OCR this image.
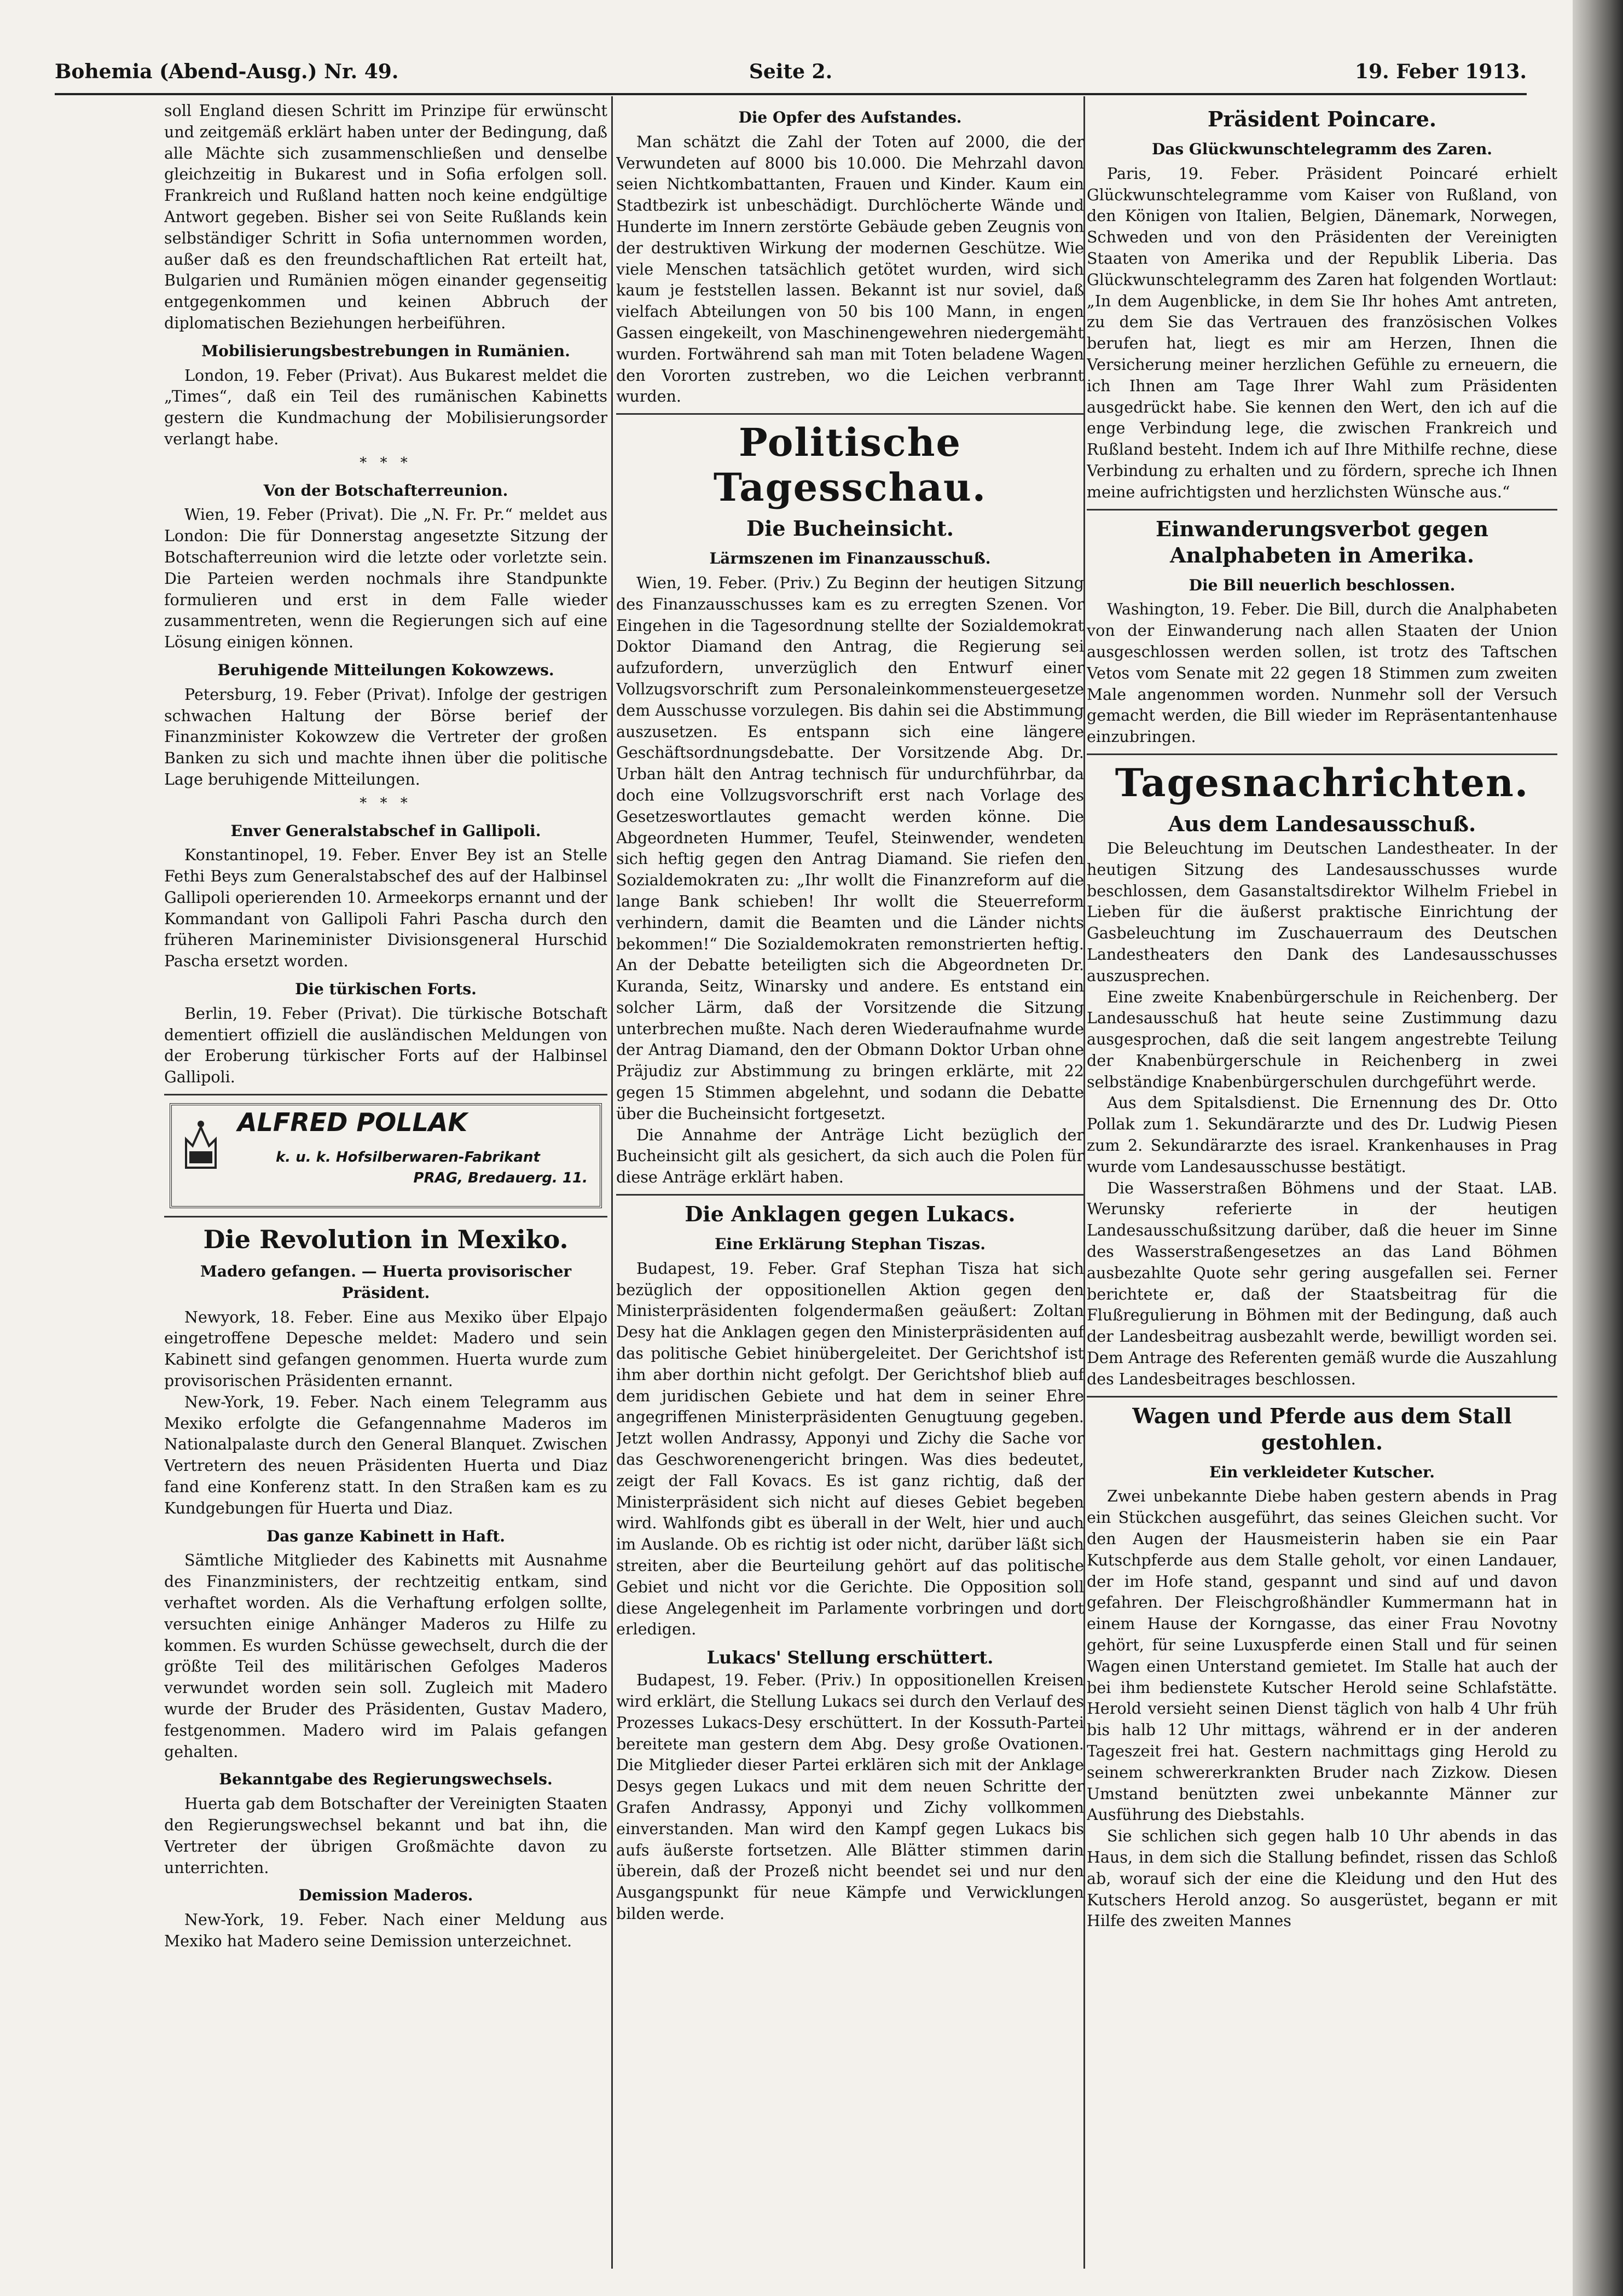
Bohemia (Abend-Ausg.) Nr. 49.	Seite 2.	19. Feber 1913.

soll England diesen Schritt im Prinzipe für erwünscht und zeitgemäß erklärt haben unter der Bedingung, daß alle Mächte sich zusammenschließen und denselbe gleichzeitig in Bukarest und in Sofia erfolgen soll. Frankreich und Rußland hatten noch keine endgültige Antwort gegeben. Bisher sei von Seite Rußlands kein selbständiger Schritt in Sofia unternommen worden, außer daß es den freundschaftlichen Rat erteilt hat, Bulgarien und Rumänien mögen einander gegenseitig entgegenkommen und keinen Abbruch der diplomatischen Beziehungen herbeiführen.

Mobilisierungsbestrebungen in Rumänien.

London, 19. Feber (Privat). Aus Bukarest meldet die „Times“, daß ein Teil des rumänischen Kabinetts gestern die Kundmachung der Mobilisierungsorder verlangt habe.

* * *
Von der Botschafterreunion.

Wien, 19. Feber (Privat). Die „N. Fr. Pr.“ meldet aus London: Die für Donnerstag angesetzte Sitzung der Botschafterreunion wird die letzte oder vorletzte sein. Die Parteien werden nochmals ihre Standpunkte formulieren und erst in dem Falle wieder zusammentreten, wenn die Regierungen sich auf eine Lösung einigen können.

Beruhigende Mitteilungen Kokowzews.

Petersburg, 19. Feber (Privat). Infolge der gestrigen schwachen Haltung der Börse berief der Finanzminister Kokowzew die Vertreter der großen Banken zu sich und machte ihnen über die politische Lage beruhigende Mitteilungen.

* * *
Enver Generalstabschef in Gallipoli.

Konstantinopel, 19. Feber. Enver Bey ist an Stelle Fethi Beys zum Generalstabschef des auf der Halbinsel Gallipoli operierenden 10. Armeekorps ernannt und der Kommandant von Gallipoli Fahri Pascha durch den früheren Marineminister Divisionsgeneral Hurschid Pascha ersetzt worden.

Die türkischen Forts.

Berlin, 19. Feber (Privat). Die türkische Botschaft dementiert offiziell die ausländischen Meldungen von der Eroberung türkischer Forts auf der Halbinsel Gallipoli.

ALFRED POLLAK
k. u. k. Hofsilberwaren-Fabrikant
PRAG, Bredauerg. 11.
Die Revolution in Mexiko.
Madero gefangen. — Huerta provisorischer Präsident.

Newyork, 18. Feber. Eine aus Mexiko über Elpajo eingetroffene Depesche meldet: Madero und sein Kabinett sind gefangen genommen. Huerta wurde zum provisorischen Präsidenten ernannt.

New-York, 19. Feber. Nach einem Telegramm aus Mexiko erfolgte die Gefangennahme Maderos im Nationalpalaste durch den General Blanquet. Zwischen Vertretern des neuen Präsidenten Huerta und Diaz fand eine Konferenz statt. In den Straßen kam es zu Kundgebungen für Huerta und Diaz.

Das ganze Kabinett in Haft.

Sämtliche Mitglieder des Kabinetts mit Ausnahme des Finanzministers, der rechtzeitig entkam, sind verhaftet worden. Als die Verhaftung erfolgen sollte, versuchten einige Anhänger Maderos zu Hilfe zu kommen. Es wurden Schüsse gewechselt, durch die der größte Teil des militärischen Gefolges Maderos verwundet worden sein soll. Zugleich mit Madero wurde der Bruder des Präsidenten, Gustav Madero, festgenommen. Madero wird im Palais gefangen gehalten.

Bekanntgabe des Regierungswechsels.

Huerta gab dem Botschafter der Vereinigten Staaten den Regierungswechsel bekannt und bat ihn, die Vertreter der übrigen Großmächte davon zu unterrichten.

Demission Maderos.

New-York, 19. Feber. Nach einer Meldung aus Mexiko hat Madero seine Demission unterzeichnet.

Die Opfer des Aufstandes.

Man schätzt die Zahl der Toten auf 2000, die der Verwundeten auf 8000 bis 10.000. Die Mehrzahl davon seien Nichtkombattanten, Frauen und Kinder. Kaum ein Stadtbezirk ist unbeschädigt. Durchlöcherte Wände und Hunderte im Innern zerstörte Gebäude geben Zeugnis von der destruktiven Wirkung der modernen Geschütze. Wie viele Menschen tatsächlich getötet wurden, wird sich kaum je feststellen lassen. Bekannt ist nur soviel, daß vielfach Abteilungen von 50 bis 100 Mann, in engen Gassen eingekeilt, von Maschinengewehren niedergemäht wurden. Fortwährend sah man mit Toten beladene Wagen den Vororten zustreben, wo die Leichen verbrannt wurden.

Politische Tagesschau.
Die Bucheinsicht.
Lärmszenen im Finanzausschuß.

Wien, 19. Feber. (Priv.) Zu Beginn der heutigen Sitzung des Finanzausschusses kam es zu erregten Szenen. Vor Eingehen in die Tagesordnung stellte der Sozialdemokrat Doktor Diamand den Antrag, die Regierung sei aufzufordern, unverzüglich den Entwurf einer Vollzugsvorschrift zum Personaleinkommensteuergesetze dem Ausschusse vorzulegen. Bis dahin sei die Abstimmung auszusetzen. Es entspann sich eine längere Geschäftsordnungsdebatte. Der Vorsitzende Abg. Dr. Urban hält den Antrag technisch für undurchführbar, da doch eine Vollzugsvorschrift erst nach Vorlage des Gesetzeswortlautes gemacht werden könne. Die Abgeordneten Hummer, Teufel, Steinwender, wendeten sich heftig gegen den Antrag Diamand. Sie riefen den Sozialdemokraten zu: „Ihr wollt die Finanzreform auf die lange Bank schieben! Ihr wollt die Steuerreform verhindern, damit die Beamten und die Länder nichts bekommen!“ Die Sozialdemokraten remonstrierten heftig. An der Debatte beteiligten sich die Abgeordneten Dr. Kuranda, Seitz, Winarsky und andere. Es entstand ein solcher Lärm, daß der Vorsitzende die Sitzung unterbrechen mußte. Nach deren Wiederaufnahme wurde der Antrag Diamand, den der Obmann Doktor Urban ohne Präjudiz zur Abstimmung zu bringen erklärte, mit 22 gegen 15 Stimmen abgelehnt, und sodann die Debatte über die Bucheinsicht fortgesetzt.

Die Annahme der Anträge Licht bezüglich der Bucheinsicht gilt als gesichert, da sich auch die Polen für diese Anträge erklärt haben.

Die Anklagen gegen Lukacs.
Eine Erklärung Stephan Tiszas.

Budapest, 19. Feber. Graf Stephan Tisza hat sich bezüglich der oppositionellen Aktion gegen den Ministerpräsidenten folgendermaßen geäußert: Zoltan Desy hat die Anklagen gegen den Ministerpräsidenten auf das politische Gebiet hinübergeleitet. Der Gerichtshof ist ihm aber dorthin nicht gefolgt. Der Gerichtshof blieb auf dem juridischen Gebiete und hat dem in seiner Ehre angegriffenen Ministerpräsidenten Genugtuung gegeben. Jetzt wollen Andrassy, Apponyi und Zichy die Sache vor das Geschworenengericht bringen. Was dies bedeutet, zeigt der Fall Kovacs. Es ist ganz richtig, daß der Ministerpräsident sich nicht auf dieses Gebiet begeben wird. Wahlfonds gibt es überall in der Welt, hier und auch im Auslande. Ob es richtig ist oder nicht, darüber läßt sich streiten, aber die Beurteilung gehört auf das politische Gebiet und nicht vor die Gerichte. Die Opposition soll diese Angelegenheit im Parlamente vorbringen und dort erledigen.

Lukacs' Stellung erschüttert.

Budapest, 19. Feber. (Priv.) In oppositionellen Kreisen wird erklärt, die Stellung Lukacs sei durch den Verlauf des Prozesses Lukacs-Desy erschüttert. In der Kossuth-Partei bereitete man gestern dem Abg. Desy große Ovationen. Die Mitglieder dieser Partei erklären sich mit der Anklage Desys gegen Lukacs und mit dem neuen Schritte der Grafen Andrassy, Apponyi und Zichy vollkommen einverstanden. Man wird den Kampf gegen Lukacs bis aufs äußerste fortsetzen. Alle Blätter stimmen darin überein, daß der Prozeß nicht beendet sei und nur den Ausgangspunkt für neue Kämpfe und Verwicklungen bilden werde.

Präsident Poincare.
Das Glückwunschtelegramm des Zaren.

Paris, 19. Feber. Präsident Poincaré erhielt Glückwunschtelegramme vom Kaiser von Rußland, von den Königen von Italien, Belgien, Dänemark, Norwegen, Schweden und von den Präsidenten der Vereinigten Staaten von Amerika und der Republik Liberia. Das Glückwunschtelegramm des Zaren hat folgenden Wortlaut: „In dem Augenblicke, in dem Sie Ihr hohes Amt antreten, zu dem Sie das Vertrauen des französischen Volkes berufen hat, liegt es mir am Herzen, Ihnen die Versicherung meiner herzlichen Gefühle zu erneuern, die ich Ihnen am Tage Ihrer Wahl zum Präsidenten ausgedrückt habe. Sie kennen den Wert, den ich auf die enge Verbindung lege, die zwischen Frankreich und Rußland besteht. Indem ich auf Ihre Mithilfe rechne, diese Verbindung zu erhalten und zu fördern, spreche ich Ihnen meine aufrichtigsten und herzlichsten Wünsche aus.“

Einwanderungsverbot gegen Analphabeten in Amerika.
Die Bill neuerlich beschlossen.

Washington, 19. Feber. Die Bill, durch die Analphabeten von der Einwanderung nach allen Staaten der Union ausgeschlossen werden sollen, ist trotz des Taftschen Vetos vom Senate mit 22 gegen 18 Stimmen zum zweiten Male angenommen worden. Nunmehr soll der Versuch gemacht werden, die Bill wieder im Repräsentantenhause einzubringen.

Tagesnachrichten.
Aus dem Landesausschuß.

Die Beleuchtung im Deutschen Landestheater. In der heutigen Sitzung des Landesausschusses wurde beschlossen, dem Gasanstaltsdirektor Wilhelm Friebel in Lieben für die äußerst praktische Einrichtung der Gasbeleuchtung im Zuschauerraum des Deutschen Landestheaters den Dank des Landesausschusses auszusprechen.

Eine zweite Knabenbürgerschule in Reichenberg. Der Landesausschuß hat heute seine Zustimmung dazu ausgesprochen, daß die seit langem angestrebte Teilung der Knabenbürgerschule in Reichenberg in zwei selbständige Knabenbürgerschulen durchgeführt werde.

Aus dem Spitalsdienst. Die Ernennung des Dr. Otto Pollak zum 1. Sekundärarzte und des Dr. Ludwig Piesen zum 2. Sekundärarzte des israel. Krankenhauses in Prag wurde vom Landesausschusse bestätigt.

Die Wasserstraßen Böhmens und der Staat. LAB. Werunsky referierte in der heutigen Landesausschußsitzung darüber, daß die heuer im Sinne des Wasserstraßengesetzes an das Land Böhmen ausbezahlte Quote sehr gering ausgefallen sei. Ferner berichtete er, daß der Staatsbeitrag für die Flußregulierung in Böhmen mit der Bedingung, daß auch der Landesbeitrag ausbezahlt werde, bewilligt worden sei. Dem Antrage des Referenten gemäß wurde die Auszahlung des Landesbeitrages beschlossen.

Wagen und Pferde aus dem Stall gestohlen.
Ein verkleideter Kutscher.

Zwei unbekannte Diebe haben gestern abends in Prag ein Stückchen ausgeführt, das seines Gleichen sucht. Vor den Augen der Hausmeisterin haben sie ein Paar Kutschpferde aus dem Stalle geholt, vor einen Landauer, der im Hofe stand, gespannt und sind auf und davon gefahren. Der Fleischgroßhändler Kummermann hat in einem Hause der Korngasse, das einer Frau Novotny gehört, für seine Luxuspferde einen Stall und für seinen Wagen einen Unterstand gemietet. Im Stalle hat auch der bei ihm bedienstete Kutscher Herold seine Schlafstätte. Herold versieht seinen Dienst täglich von halb 4 Uhr früh bis halb 12 Uhr mittags, während er in der anderen Tageszeit frei hat. Gestern nachmittags ging Herold zu seinem schwererkrankten Bruder nach Zizkow. Diesen Umstand benützten zwei unbekannte Männer zur Ausführung des Diebstahls.

Sie schlichen sich gegen halb 10 Uhr abends in das Haus, in dem sich die Stallung befindet, rissen das Schloß ab, worauf sich der eine die Kleidung und den Hut des Kutschers Herold anzog. So ausgerüstet, begann er mit Hilfe des zweiten Mannes
